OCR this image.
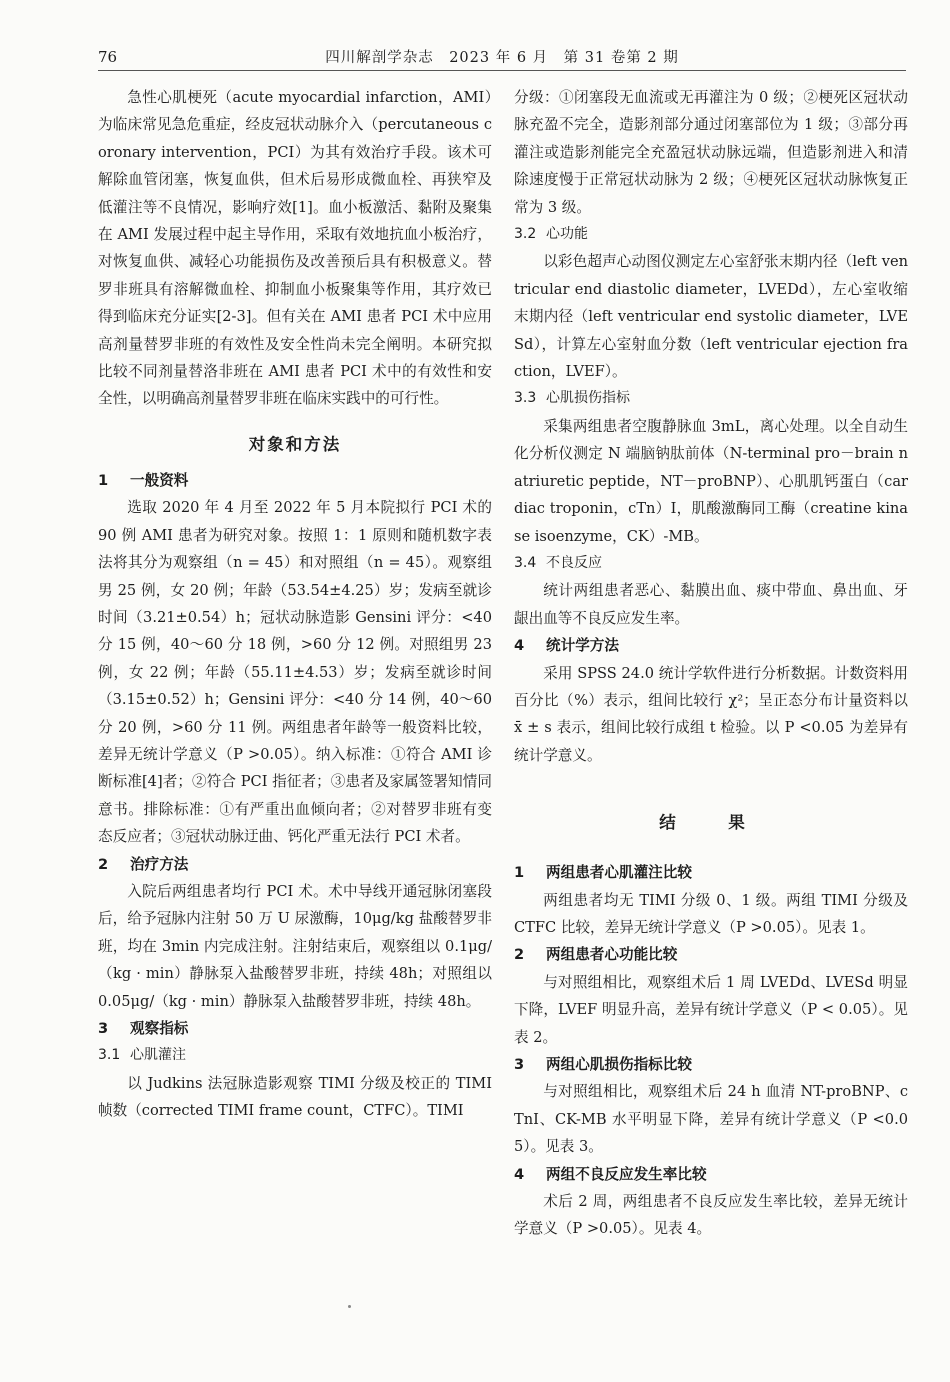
76	四川解剖学杂志　2023 年 6 月　第 31 卷第 2 期

急性心肌梗死（acute myocardial infarction，AMI）为临床常见急危重症，经皮冠状动脉介入（percutaneous coronary intervention，PCI）为其有效治疗手段。该术可解除血管闭塞，恢复血供，但术后易形成微血栓、再狭窄及低灌注等不良情况，影响疗效[1]。血小板激活、黏附及聚集在 AMI 发展过程中起主导作用，采取有效地抗血小板治疗，对恢复血供、减轻心功能损伤及改善预后具有积极意义。替罗非班具有溶解微血栓、抑制血小板聚集等作用，其疗效已得到临床充分证实[2-3]。但有关在 AMI 患者 PCI 术中应用高剂量替罗非班的有效性及安全性尚未完全阐明。本研究拟比较不同剂量替洛非班在 AMI 患者 PCI 术中的有效性和安全性，以明确高剂量替罗非班在临床实践中的可行性。

对象和方法
1 一般资料

选取 2020 年 4 月至 2022 年 5 月本院拟行 PCI 术的 90 例 AMI 患者为研究对象。按照 1：1 原则和随机数字表法将其分为观察组（n = 45）和对照组（n = 45）。观察组男 25 例，女 20 例；年龄（53.54±4.25）岁；发病至就诊时间（3.21±0.54）h；冠状动脉造影 Gensini 评分：<40 分 15 例，40～60 分 18 例，>60 分 12 例。对照组男 23 例，女 22 例；年龄（55.11±4.53）岁；发病至就诊时间（3.15±0.52）h；Gensini 评分：<40 分 14 例，40～60 分 20 例，>60 分 11 例。两组患者年龄等一般资料比较，差异无统计学意义（P >0.05）。纳入标准：①符合 AMI 诊断标准[4]者；②符合 PCI 指征者；③患者及家属签署知情同意书。排除标准：①有严重出血倾向者；②对替罗非班有变态反应者；③冠状动脉迂曲、钙化严重无法行 PCI 术者。

2 治疗方法

入院后两组患者均行 PCI 术。术中导线开通冠脉闭塞段后，给予冠脉内注射 50 万 U 尿激酶，10μg/kg 盐酸替罗非班，均在 3min 内完成注射。注射结束后，观察组以 0.1μg/（kg · min）静脉泵入盐酸替罗非班，持续 48h；对照组以 0.05μg/（kg · min）静脉泵入盐酸替罗非班，持续 48h。

3 观察指标
3.1 心肌灌注

以 Judkins 法冠脉造影观察 TIMI 分级及校正的 TIMI 帧数（corrected TIMI frame count，CTFC）。TIMI

分级：①闭塞段无血流或无再灌注为 0 级；②梗死区冠状动脉充盈不完全，造影剂部分通过闭塞部位为 1 级；③部分再灌注或造影剂能完全充盈冠状动脉远端，但造影剂进入和清除速度慢于正常冠状动脉为 2 级；④梗死区冠状动脉恢复正常为 3 级。

3.2 心功能

以彩色超声心动图仪测定左心室舒张末期内径（left ventricular end diastolic diameter，LVEDd），左心室收缩末期内径（left ventricular end systolic diameter，LVESd），计算左心室射血分数（left ventricular ejection fraction，LVEF）。

3.3 心肌损伤指标

采集两组患者空腹静脉血 3mL，离心处理。以全自动生化分析仪测定 N 端脑钠肽前体（N-terminal pro－brain natriuretic peptide，NT－proBNP）、心肌肌钙蛋白（cardiac troponin，cTn）I，肌酸激酶同工酶（creatine kinase isoenzyme，CK）-MB。

3.4 不良反应

统计两组患者恶心、黏膜出血、痰中带血、鼻出血、牙龈出血等不良反应发生率。

4 统计学方法

采用 SPSS 24.0 统计学软件进行分析数据。计数资料用百分比（%）表示，组间比较行 χ²；呈正态分布计量资料以 x̄ ± s 表示，组间比较行成组 t 检验。以 P <0.05 为差异有统计学意义。

结　果
1 两组患者心肌灌注比较

两组患者均无 TIMI 分级 0、1 级。两组 TIMI 分级及 CTFC 比较，差异无统计学意义（P >0.05）。见表 1。

2 两组患者心功能比较

与对照组相比，观察组术后 1 周 LVEDd、LVESd 明显下降，LVEF 明显升高，差异有统计学意义（P < 0.05）。见表 2。

3 两组心肌损伤指标比较

与对照组相比，观察组术后 24 h 血清 NT-proBNP、cTnI、CK-MB 水平明显下降，差异有统计学意义（P <0.05）。见表 3。

4 两组不良反应发生率比较

术后 2 周，两组患者不良反应发生率比较，差异无统计学意义（P >0.05）。见表 4。
